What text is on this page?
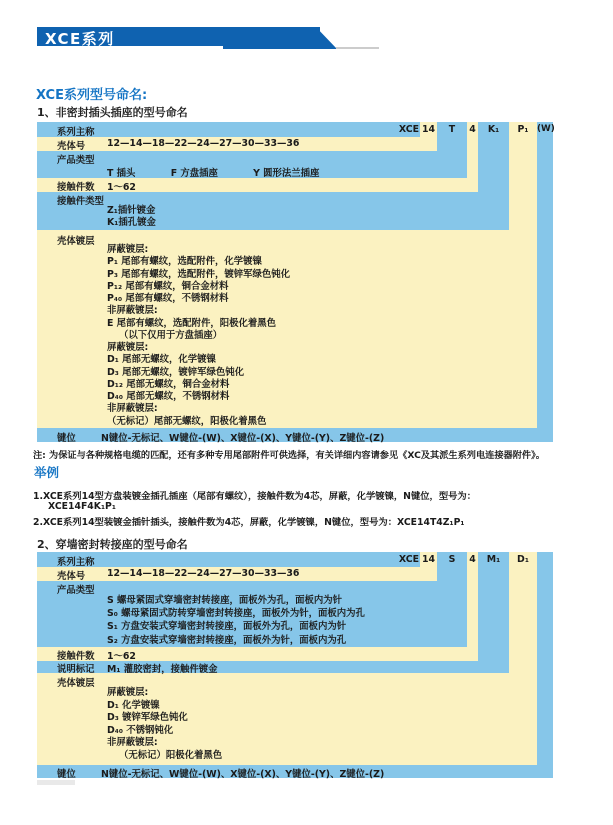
XCE系列
XCE系列型号命名:
1、非密封插头插座的型号命名
XCE 14	T	4	K₁	P₁ (W)
系列主称
壳体号 12—14—18—22—24—27—30—33—36
产品类型
T 插头	F 方盘插座	Y 圆形法兰插座
接触件数 1～62
接触件类型
Z₁插针镀金
K₁插孔镀金
壳体镀层
屏蔽镀层:
P₁ 尾部有螺纹，选配附件，化学镀镍
P₃ 尾部有螺纹，选配附件，镀锌军绿色钝化
P₁₂ 尾部有螺纹，铜合金材料
P₄₀ 尾部有螺纹，不锈钢材料
非屏蔽镀层:
E 尾部有螺纹，选配附件，阳极化着黑色
（以下仅用于方盘插座）
屏蔽镀层:
D₁ 尾部无螺纹，化学镀镍
D₃ 尾部无螺纹，镀锌军绿色钝化
D₁₂ 尾部无螺纹，铜合金材料
D₄₀ 尾部无螺纹，不锈钢材料
非屏蔽镀层:
（无标记）尾部无螺纹，阳极化着黑色
键位	N键位-无标记、W键位-(W)、X键位-(X)、Y键位-(Y)、Z键位-(Z)
注: 为保证与各种规格电缆的匹配，还有多种专用尾部附件可供选择，有关详细内容请参见《XC及其派生系列电连接器附件》。
举例
1.XCE系列14型方盘装镀金插孔插座（尾部有螺纹），接触件数为4芯，屏蔽，化学镀镍，N键位，型号为：
XCE14F4K₁P₁
2.XCE系列14型装镀金插针插头，接触件数为4芯，屏蔽，化学镀镍，N键位，型号为：XCE14T4Z₁P₁
2、穿墙密封转接座的型号命名
XCE 14	S	4	M₁	D₁
系列主称
壳体号 12—14—18—22—24—27—30—33—36
产品类型
S 螺母紧固式穿墙密封转接座，面板外为孔，面板内为针
S₀ 螺母紧固式防转穿墙密封转接座，面板外为针，面板内为孔
S₁ 方盘安装式穿墙密封转接座，面板外为孔，面板内为针
S₂ 方盘安装式穿墙密封转接座，面板外为针，面板内为孔
接触件数 1～62
说明标记 M₁ 灌胶密封，接触件镀金
壳体镀层
屏蔽镀层:
D₁ 化学镀镍
D₃ 镀锌军绿色钝化
D₄₀ 不锈钢钝化
非屏蔽镀层:
（无标记）阳极化着黑色
键位	N键位-无标记、W键位-(W)、X键位-(X)、Y键位-(Y)、Z键位-(Z)
